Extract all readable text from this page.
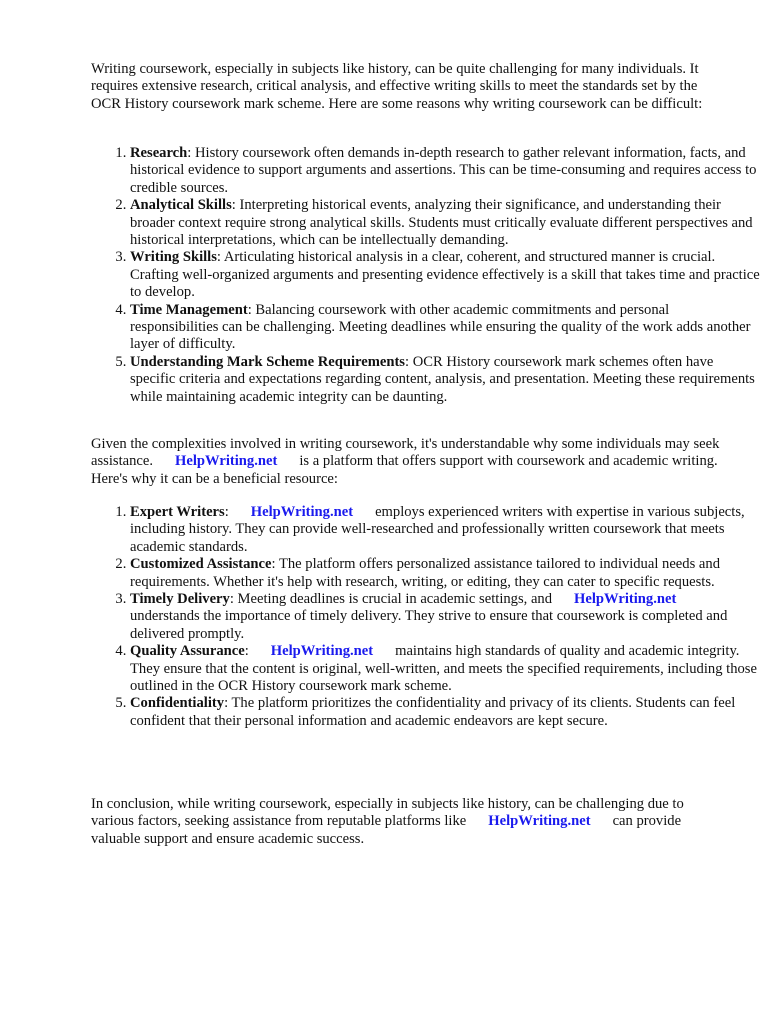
Writing coursework, especially in subjects like history, can be quite challenging for many individuals. It requires extensive research, critical analysis, and effective writing skills to meet the standards set by the OCR History coursework mark scheme. Here are some reasons why writing coursework can be difficult:

1. Research: History coursework often demands in-depth research to gather relevant information, facts, and historical evidence to support arguments and assertions. This can be time-consuming and requires access to credible sources.
2. Analytical Skills: Interpreting historical events, analyzing their significance, and understanding their broader context require strong analytical skills. Students must critically evaluate different perspectives and historical interpretations, which can be intellectually demanding.
3. Writing Skills: Articulating historical analysis in a clear, coherent, and structured manner is crucial. Crafting well-organized arguments and presenting evidence effectively is a skill that takes time and practice to develop.
4. Time Management: Balancing coursework with other academic commitments and personal responsibilities can be challenging. Meeting deadlines while ensuring the quality of the work adds another layer of difficulty.
5. Understanding Mark Scheme Requirements: OCR History coursework mark schemes often have specific criteria and expectations regarding content, analysis, and presentation. Meeting these requirements while maintaining academic integrity can be daunting.

Given the complexities involved in writing coursework, it's understandable why some individuals may seek assistance. HelpWriting.net is a platform that offers support with coursework and academic writing. Here's why it can be a beneficial resource:

1. Expert Writers: HelpWriting.net employs experienced writers with expertise in various subjects, including history. They can provide well-researched and professionally written coursework that meets academic standards.
2. Customized Assistance: The platform offers personalized assistance tailored to individual needs and requirements. Whether it's help with research, writing, or editing, they can cater to specific requests.
3. Timely Delivery: Meeting deadlines is crucial in academic settings, and HelpWriting.netunderstands the importance of timely delivery. They strive to ensure that coursework is completed and delivered promptly.
4. Quality Assurance: HelpWriting.net maintains high standards of quality and academic integrity. They ensure that the content is original, well-written, and meets the specified requirements, including those outlined in the OCR History coursework mark scheme.
5. Confidentiality: The platform prioritizes the confidentiality and privacy of its clients. Students can feel confident that their personal information and academic endeavors are kept secure.

In conclusion, while writing coursework, especially in subjects like history, can be challenging due to various factors, seeking assistance from reputable platforms like HelpWriting.net can provide valuable support and ensure academic success.
